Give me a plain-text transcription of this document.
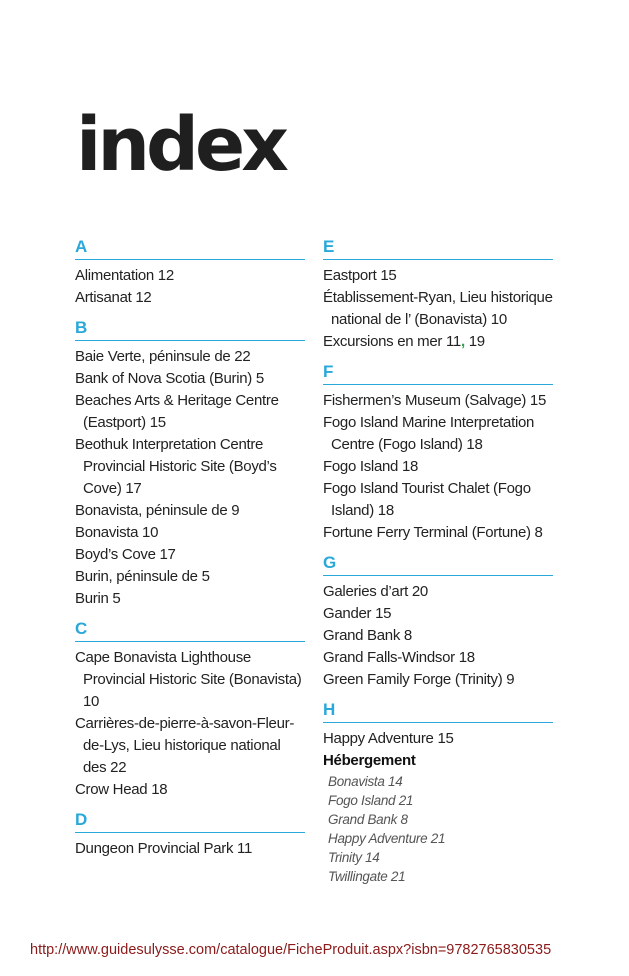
index
A
Alimentation 12
Artisanat 12
B
Baie Verte, péninsule de 22
Bank of Nova Scotia (Burin) 5
Beaches Arts & Heritage Centre (Eastport) 15
Beothuk Interpretation Centre Provincial Historic Site (Boyd’s Cove) 17
Bonavista, péninsule de 9
Bonavista 10
Boyd’s Cove 17
Burin, péninsule de 5
Burin 5
C
Cape Bonavista Lighthouse Provincial Historic Site (Bonavista) 10
Carrières-de-pierre-à-savon-Fleur-de-Lys, Lieu historique national des 22
Crow Head 18
D
Dungeon Provincial Park 11
E
Eastport 15
Établissement-Ryan, Lieu historique national de l’ (Bonavista) 10
Excursions en mer 11, 19
F
Fishermen’s Museum (Salvage) 15
Fogo Island Marine Interpretation Centre (Fogo Island) 18
Fogo Island 18
Fogo Island Tourist Chalet (Fogo Island) 18
Fortune Ferry Terminal (Fortune) 8
G
Galeries d’art 20
Gander 15
Grand Bank 8
Grand Falls-Windsor 18
Green Family Forge (Trinity) 9
H
Happy Adventure 15
Hébergement
Bonavista 14
Fogo Island 21
Grand Bank 8
Happy Adventure 21
Trinity 14
Twillingate 21
http://www.guidesulysse.com/catalogue/FicheProduit.aspx?isbn=9782765830535
